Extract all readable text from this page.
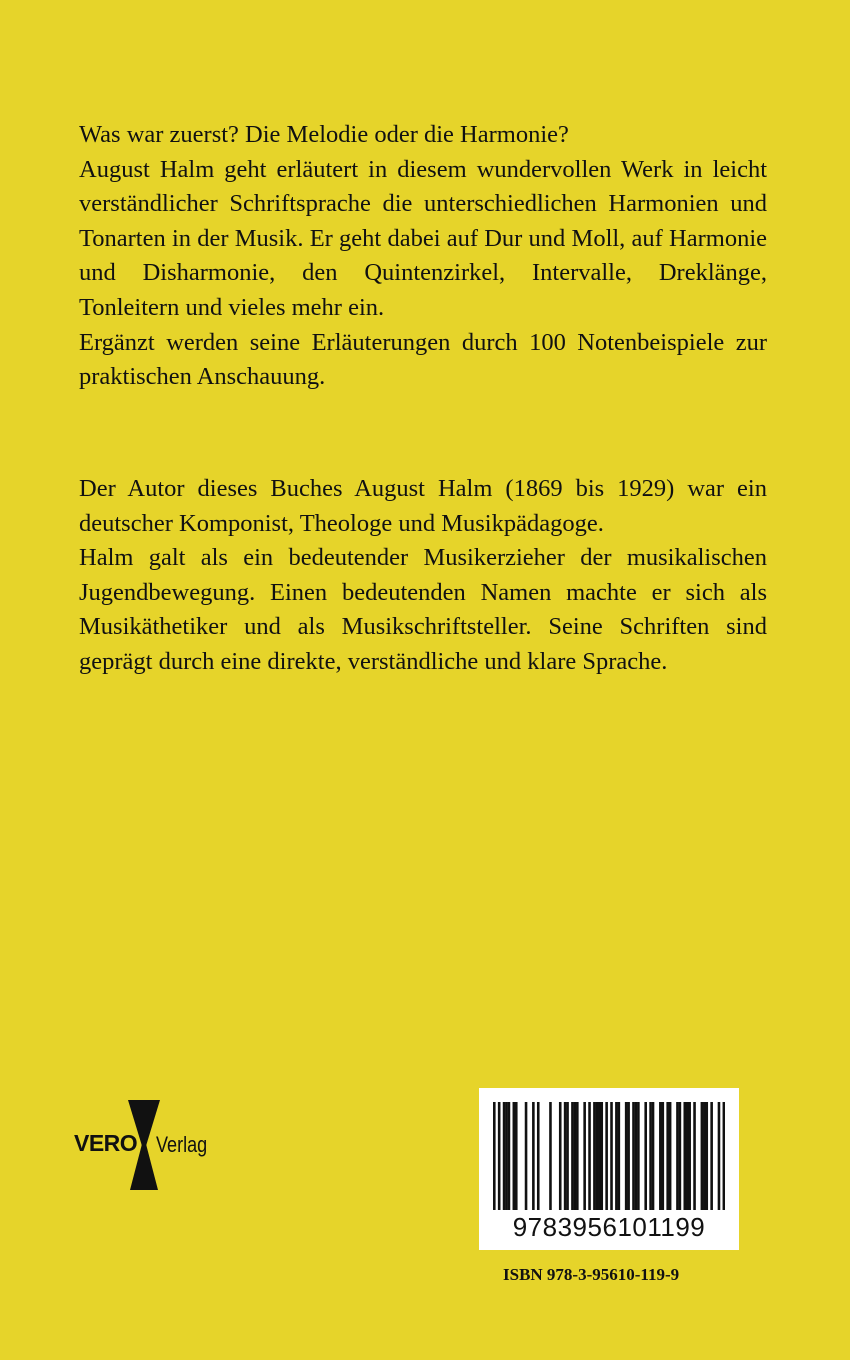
Was war zuerst? Die Melodie oder die Harmonie?

August Halm geht erläutert in diesem wundervollen Werk in leicht verständlicher Schriftsprache die unterschiedlichen Harmonien und Tonarten in der Musik. Er geht dabei auf Dur und Moll, auf Harmonie und Disharmonie, den Quintenzirkel, Intervalle, Dreklänge, Tonleitern und vieles mehr ein.

Ergänzt werden seine Erläuterungen durch 100 Notenbeispiele zur praktischen Anschauung.

Der Autor dieses Buches August Halm (1869 bis 1929) war ein deutscher Komponist, Theologe und Musikpädagoge.

Halm galt als ein bedeutender Musikerzieher der musikalischen Jugendbewegung. Einen bedeutenden Namen machte er sich als Musikäthetiker und als Musikschriftsteller. Seine Schriften sind geprägt durch eine direkte, verständliche und klare Sprache.

VERO Verlag
9783956101199
ISBN 978-3-95610-119-9
